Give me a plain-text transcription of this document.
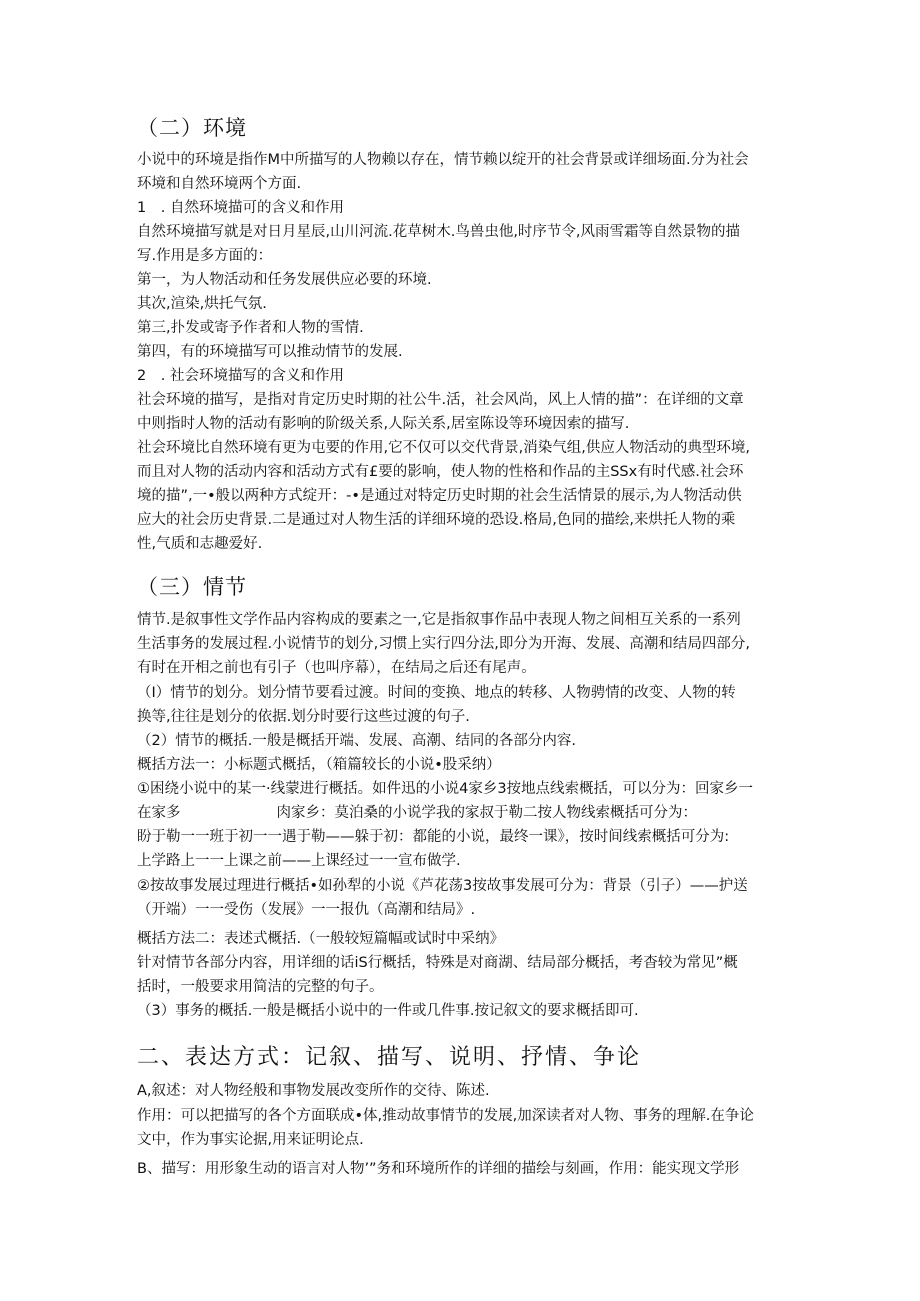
（二）环境
小说中的环境是指作M中所描写的人物赖以存在，情节赖以绽开的社会背景或详细场面.分为社会
环境和自然环境两个方面.
1　. 自然环境描可的含义和作用
自然环境描写就是对日月星辰,山川河流.花草树木.鸟兽虫他,时序节令,风雨雪霜等自然景物的描
写.作用是多方面的：
第一，为人物活动和任务发展供应必要的环境.
其次,渲染,烘托气氛.
第三,扑发或寄予作者和人物的雪情.
第四，有的环境描写可以推动情节的发展.
2　. 社会环境描写的含义和作用
社会环境的描写，是指对肯定历史时期的社公牛.活，社会风尚，风上人情的描”：在详细的文章
中则指时人物的活动有影响的阶级关系,人际关系,居室陈设等环境因索的描写.
社会环境比自然环境有更为屯要的作用,它不仅可以交代背景,消染气组,供应人物活动的典型环境,
而且对人物的活动内容和活动方式有£要的影响，使人物的性格和作品的主SSx有时代感.社会环
境的描”,一•般以两种方式绽开：-•是通过对特定历史时期的社会生活情景的展示,为人物活动供
应大的社会历史背景.二是通过对人物生活的详细环境的恐设.格局,色同的描绘,来烘托人物的乘
性,气质和志趣爱好.
（三）情节
情节.是叙事性文学作品内容构成的要素之一,它是指叙事作品中表现人物之间相互关系的一系列
生活事务的发展过程.小说情节的划分,习惯上实行四分法,即分为开海、发展、高潮和结局四部分,
有时在开相之前也有引子（也叫序幕），在结局之后还有尾声。
（I）情节的划分。划分情节要看过渡。时间的变换、地点的转移、人物骋情的改变、人物的转
换等,往往是划分的依据.划分时要行这些过渡的句子.
（2）情节的概括.一般是概括开端、发展、高潮、结同的各部分内容.
概括方法一：小标题式概括，（箱篇较长的小说•股采纳）
①困绕小说中的某一·线蒙进行概括。如件迅的小说4家乡3按地点线索概括，可以分为：回家乡一
在家多	肉家乡：莫泊桑的小说学我的家叔于勒二按人物线索概括可分为：
盼于勒一一班于初一一遇于勒——躲于初：都能的小说，最终一课》，按时间线索概括可分为:
上学路上一一上课之前——上课经过一一宣布做学.
②按故事发展过理进行概括•如孙犁的小说《芦花荡3按故事发展可分为：背景（引子）——护送
（开端）一一受伤（发展》一一报仇（高潮和结局》.
概括方法二：表述式概括.（一般较短篇幅或试时中采纳》
针对情节各部分内容，用详细的话iS行概括，特殊是对商湖、结局部分概括，考杳较为常见”概
括时，一般要求用简洁的完整的句子。
（3）事务的概括.一般是概括小说中的一件或几件事.按记叙文的要求概括即可.
二、表达方式：记叙、描写、说明、抒情、争论
A,叙述：对人物经般和事物发展改变所作的交待、陈述.
作用：可以把描写的各个方面联成•体,推动故事情节的发展,加深读者对人物、事务的理解.在争论
文中，作为事实论据,用来证明论点.
B、描写：用形象生动的语言对人物’”务和环境所作的详细的描绘与刻画，作用：能实现文学形
